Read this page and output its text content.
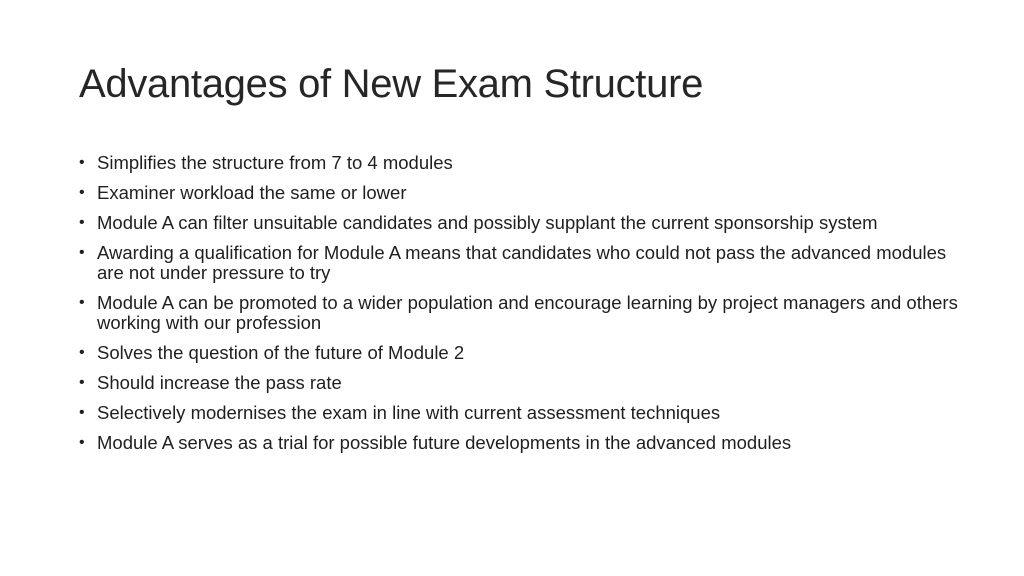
Advantages of New Exam Structure
• Simplifies the structure from 7 to 4 modules
• Examiner workload the same or lower
• Module A can filter unsuitable candidates and possibly supplant the current sponsorship system
• Awarding a qualification for Module A means that candidates who could not pass the advanced modules are not under pressure to try
• Module A can be promoted to a wider population and encourage learning by project managers and others working with our profession
• Solves the question of the future of Module 2
• Should increase the pass rate
• Selectively modernises the exam in line with current assessment techniques
• Module A serves as a trial for possible future developments in the advanced modules
